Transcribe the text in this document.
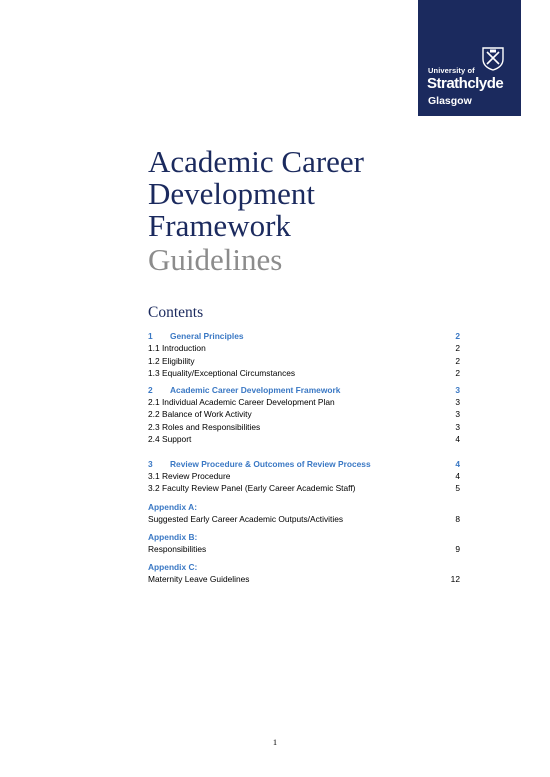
University of
Strathclyde
Glasgow
Academic Career
Development
Framework
Guidelines
Contents
1 General Principles	2
1.1 Introduction	2
1.2 Eligibility	2
1.3 Equality/Exceptional Circumstances	2
2 Academic Career Development Framework	3
2.1 Individual Academic Career Development Plan	3
2.2 Balance of Work Activity	3
2.3 Roles and Responsibilities	3
2.4 Support	4
3 Review Procedure & Outcomes of Review Process	4
3.1 Review Procedure	4
3.2 Faculty Review Panel (Early Career Academic Staff)	5
Appendix A:
Suggested Early Career Academic Outputs/Activities	8
Appendix B:
Responsibilities	9
Appendix C:
Maternity Leave Guidelines	12
1
